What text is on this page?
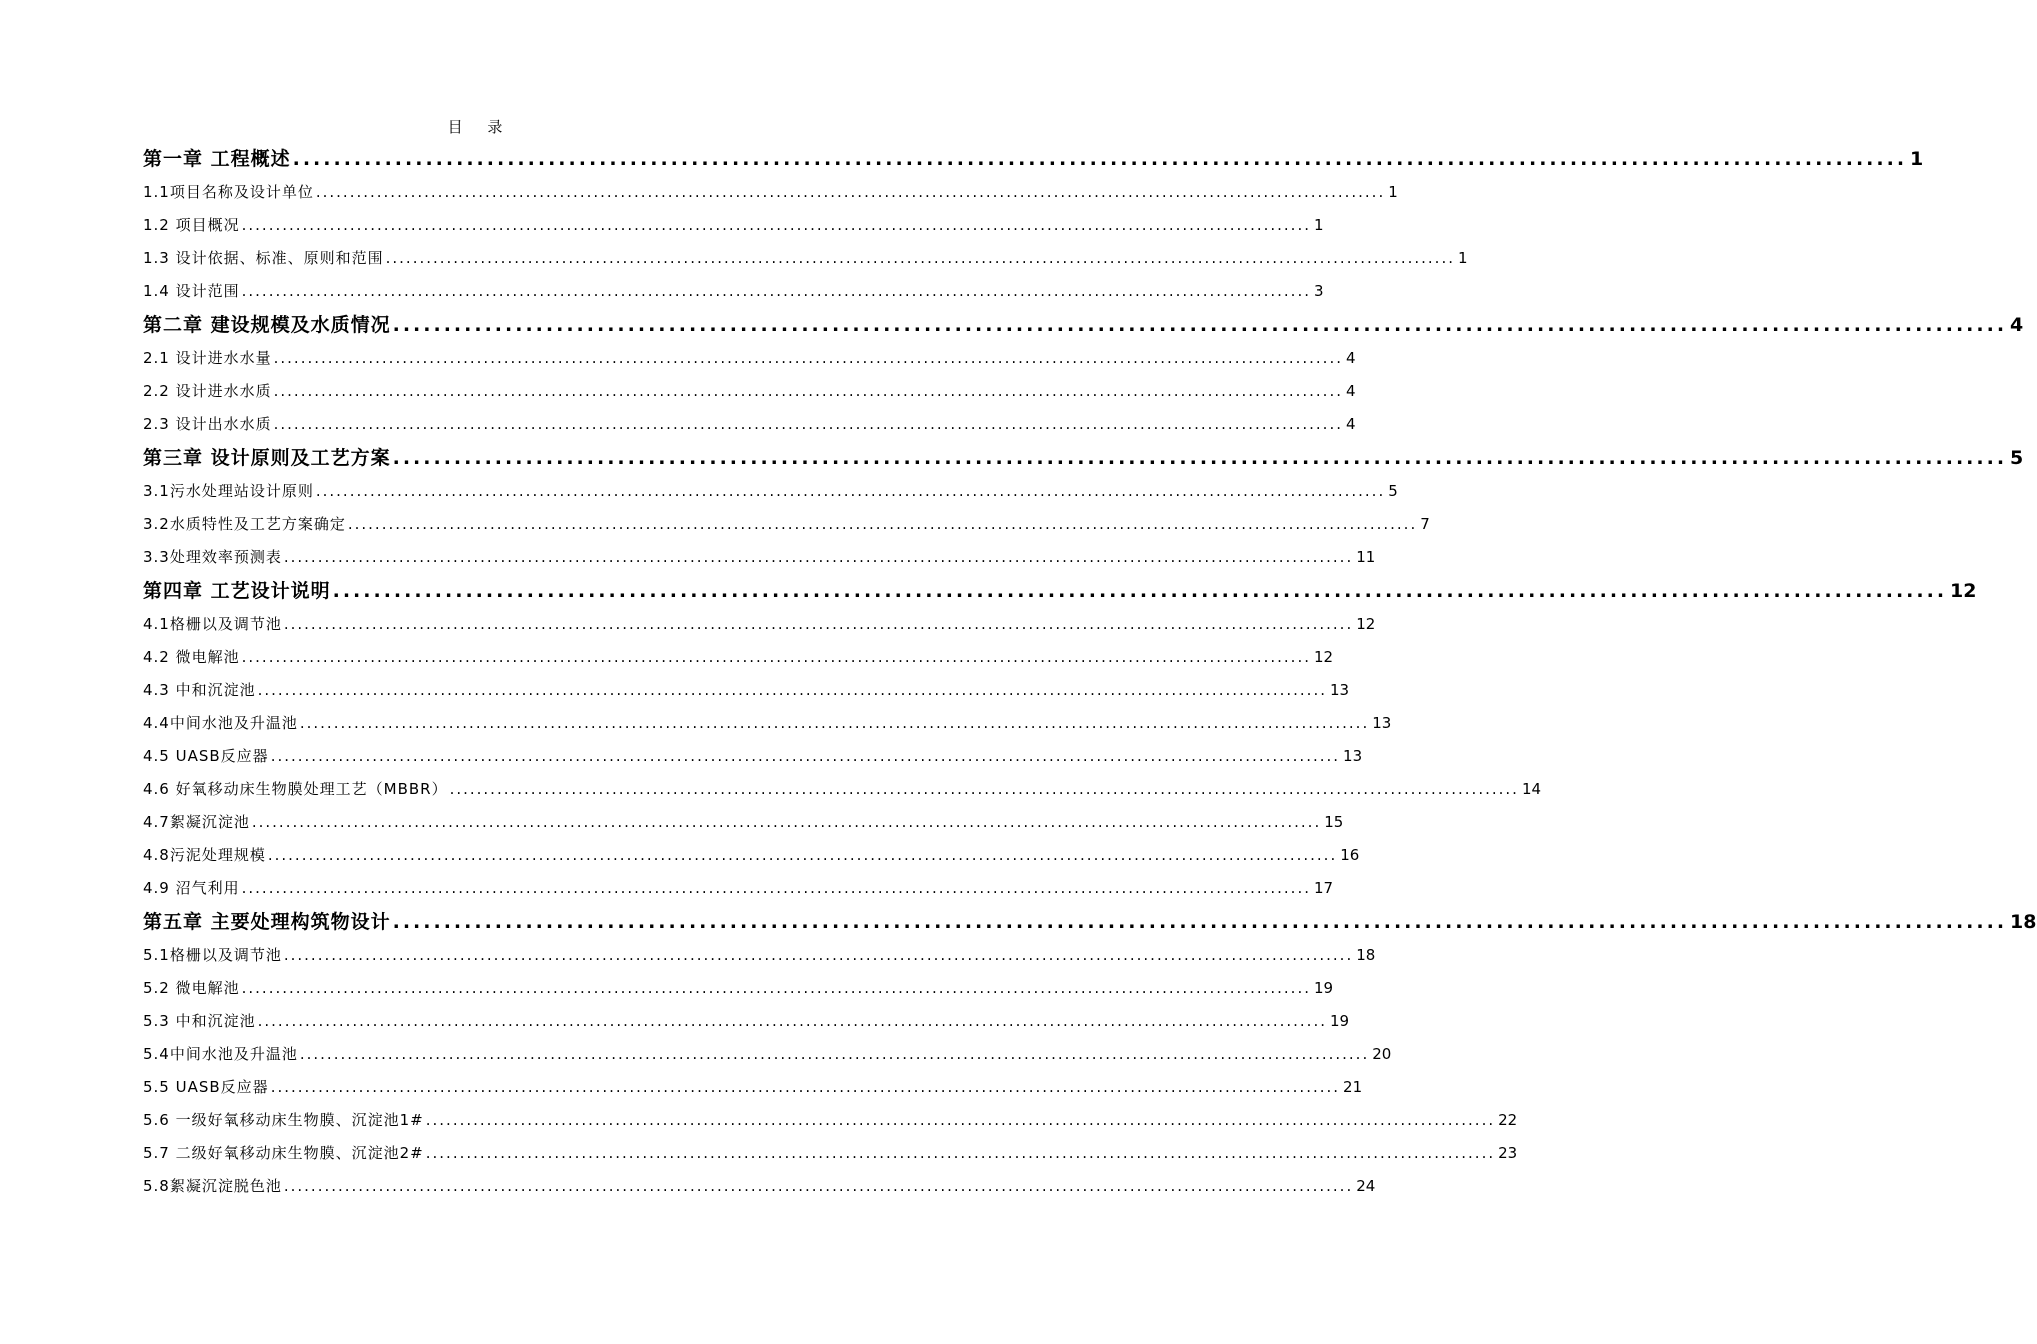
目 录
第一章 工程概述 .............................................................................................................................................................. 1
1.1项目名称及设计单位 .............................................................................................................................................................. 1
1.2 项目概况 .............................................................................................................................................................. 1
1.3 设计依据、标准、原则和范围 .............................................................................................................................................................. 1
1.4 设计范围 .............................................................................................................................................................. 3
第二章 建设规模及水质情况 .............................................................................................................................................................. 4
2.1 设计进水水量 .............................................................................................................................................................. 4
2.2 设计进水水质 .............................................................................................................................................................. 4
2.3 设计出水水质 .............................................................................................................................................................. 4
第三章 设计原则及工艺方案 .............................................................................................................................................................. 5
3.1污水处理站设计原则 .............................................................................................................................................................. 5
3.2水质特性及工艺方案确定 .............................................................................................................................................................. 7
3.3处理效率预测表 .............................................................................................................................................................. 11
第四章 工艺设计说明 .............................................................................................................................................................. 12
4.1格栅以及调节池 .............................................................................................................................................................. 12
4.2 微电解池 .............................................................................................................................................................. 12
4.3 中和沉淀池 .............................................................................................................................................................. 13
4.4中间水池及升温池 .............................................................................................................................................................. 13
4.5 UASB反应器 .............................................................................................................................................................. 13
4.6 好氧移动床生物膜处理工艺（MBBR） .............................................................................................................................................................. 14
4.7絮凝沉淀池 .............................................................................................................................................................. 15
4.8污泥处理规模 .............................................................................................................................................................. 16
4.9 沼气利用 .............................................................................................................................................................. 17
第五章 主要处理构筑物设计 .............................................................................................................................................................. 18
5.1格栅以及调节池 .............................................................................................................................................................. 18
5.2 微电解池 .............................................................................................................................................................. 19
5.3 中和沉淀池 .............................................................................................................................................................. 19
5.4中间水池及升温池 .............................................................................................................................................................. 20
5.5 UASB反应器 .............................................................................................................................................................. 21
5.6 一级好氧移动床生物膜、沉淀池1# .............................................................................................................................................................. 22
5.7 二级好氧移动床生物膜、沉淀池2# .............................................................................................................................................................. 23
5.8絮凝沉淀脱色池 .............................................................................................................................................................. 24
